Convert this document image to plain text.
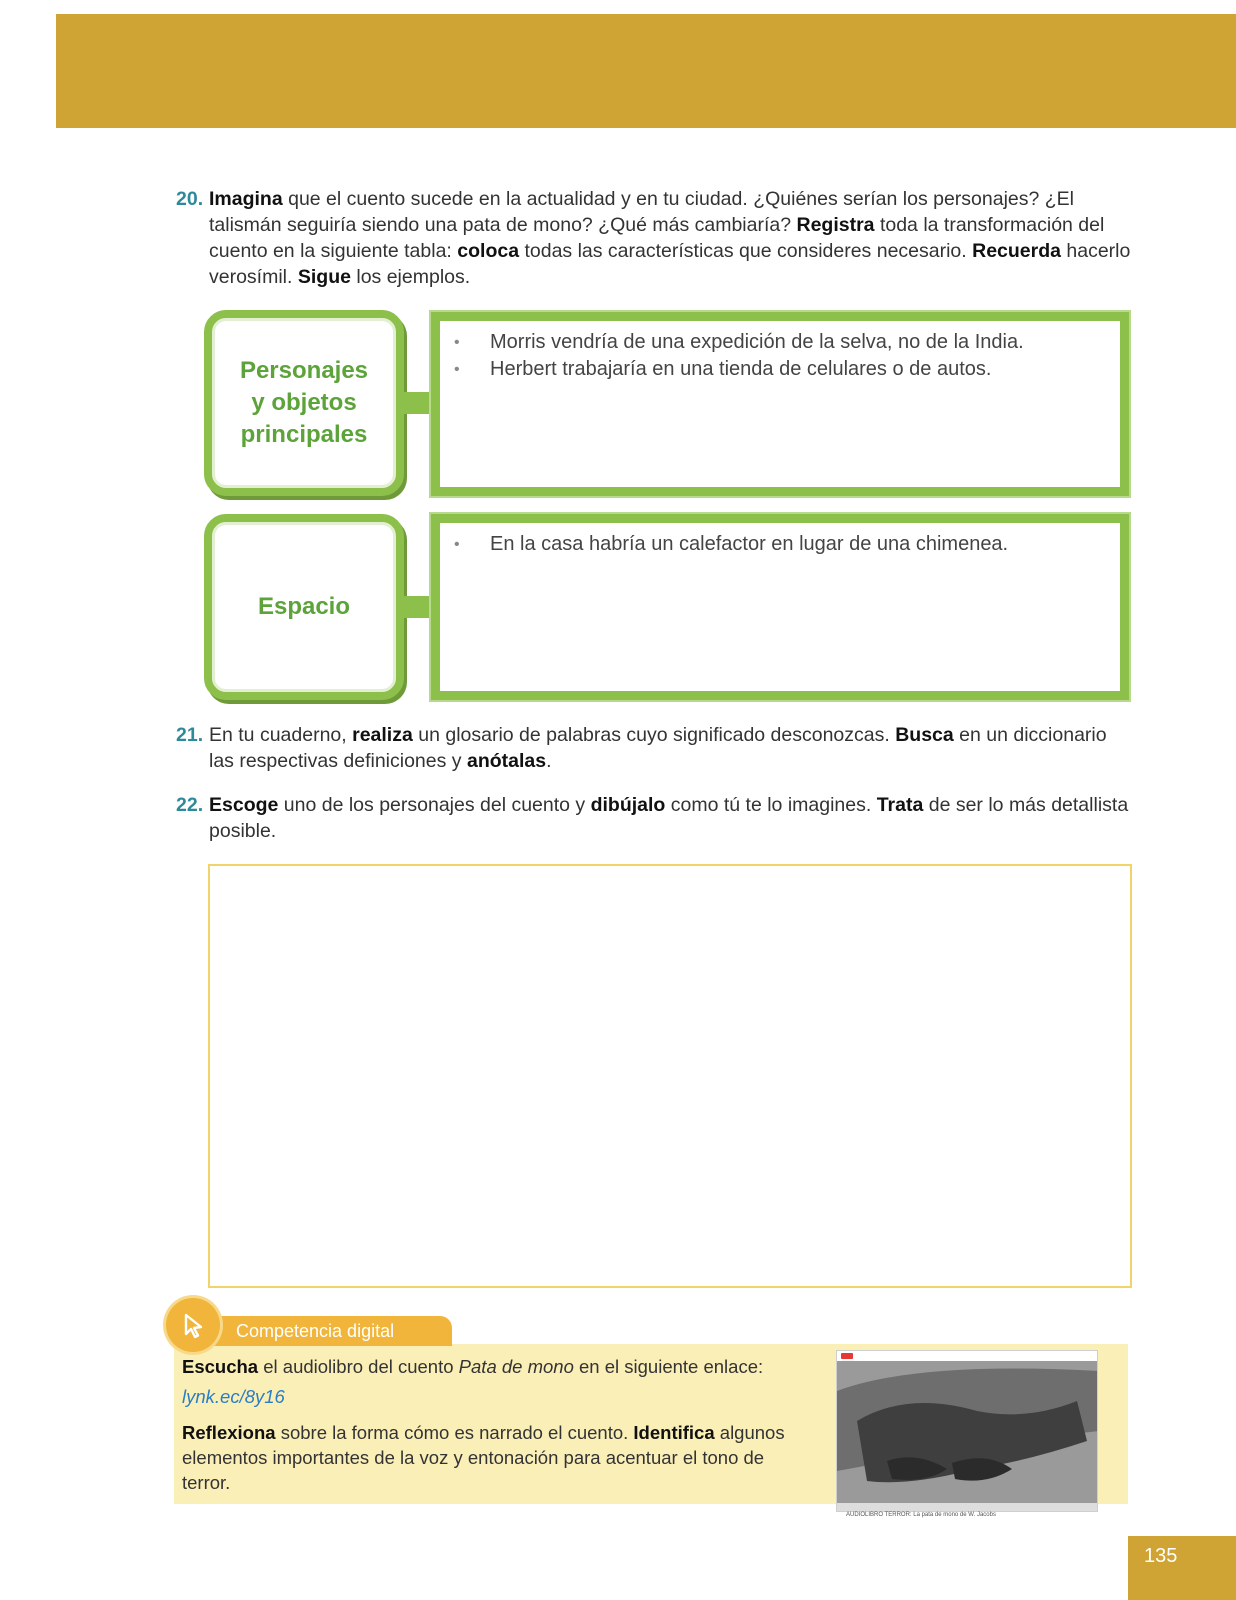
20. Imagina que el cuento sucede en la actualidad y en tu ciudad. ¿Quiénes serían los personajes? ¿El talismán seguiría siendo una pata de mono? ¿Qué más cambiaría? Registra toda la transformación del cuento en la siguiente tabla: coloca todas las características que consideres necesario. Recuerda hacerlo verosímil. Sigue los ejemplos.
Personajes y objetos principales
• Morris vendría de una expedición de la selva, no de la India.
• Herbert trabajaría en una tienda de celulares o de autos.
Espacio
• En la casa habría un calefactor en lugar de una chimenea.
21. En tu cuaderno, realiza un glosario de palabras cuyo significado desconozcas. Busca en un diccionario las respectivas definiciones y anótalas.
22. Escoge uno de los personajes del cuento y dibújalo como tú te lo imagines. Trata de ser lo más detallista posible.
Competencia digital
Escucha el audiolibro del cuento Pata de mono en el siguiente enlace:
lynk.ec/8y16
Reflexiona sobre la forma cómo es narrado el cuento. Identifica algunos elementos importantes de la voz y entonación para acentuar el tono de terror.
AUDIOLIBRO TERROR: La pata de mono de W. Jacobs
135
